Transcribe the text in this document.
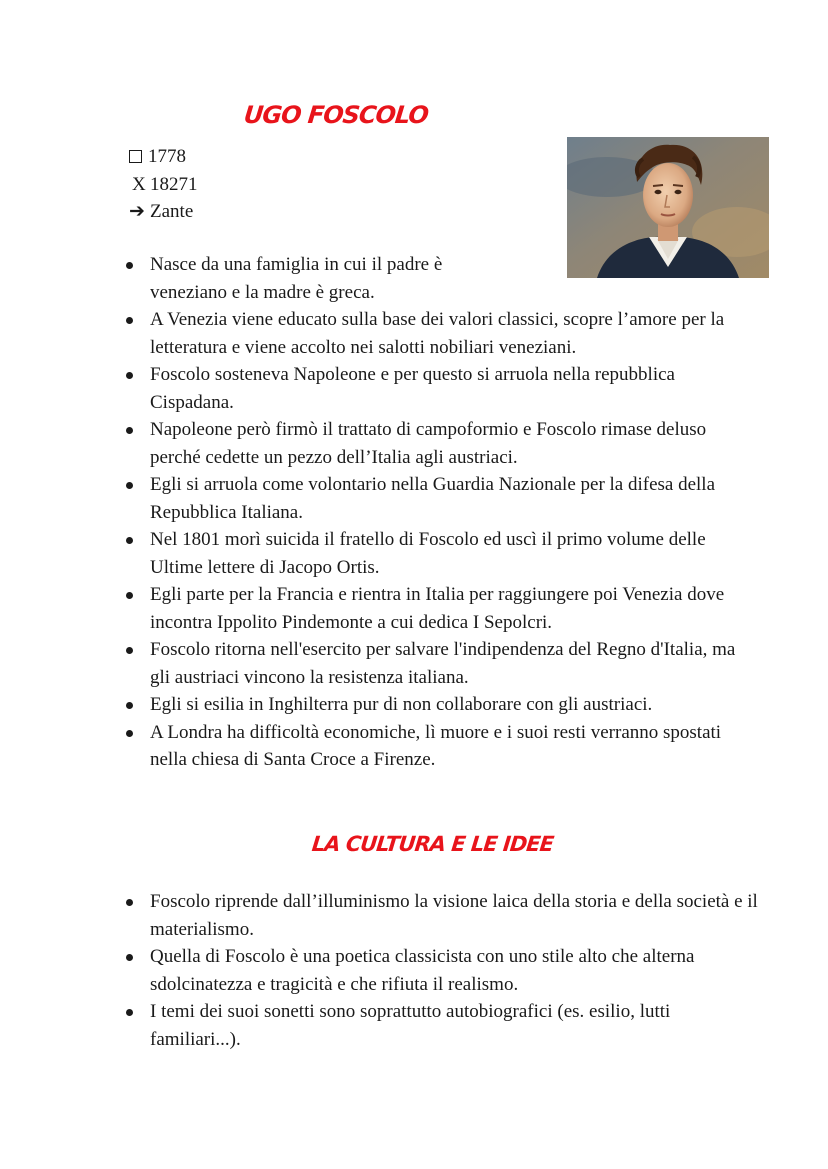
UGO FOSCOLO
1778
X 18271
➔ Zante
Nasce da una famiglia in cui il padre è veneziano e la madre è greca.
A Venezia viene educato sulla base dei valori classici, scopre l’amore per la letteratura e viene accolto nei salotti nobiliari veneziani.
Foscolo sosteneva Napoleone e per questo si arruola nella repubblica Cispadana.
Napoleone però firmò il trattato di campoformio e Foscolo rimase deluso perché cedette un pezzo dell’Italia agli austriaci.
Egli si arruola come volontario nella Guardia Nazionale per la difesa della Repubblica Italiana.
Nel 1801 morì suicida il fratello di Foscolo ed uscì il primo volume delle Ultime lettere di Jacopo Ortis.
Egli parte per la Francia e rientra in Italia per raggiungere poi Venezia dove incontra Ippolito Pindemonte a cui dedica I Sepolcri.
Foscolo ritorna nell'esercito per salvare l'indipendenza del Regno d'Italia, ma gli austriaci vincono la resistenza italiana.
Egli si esilia in Inghilterra pur di non collaborare con gli austriaci.
A Londra ha difficoltà economiche, lì muore e i suoi resti verranno spostati nella chiesa di Santa Croce a Firenze.
LA CULTURA E LE IDEE
Foscolo riprende dall’illuminismo la visione laica della storia e della società e il materialismo.
Quella di Foscolo è una poetica classicista con uno stile alto che alterna sdolcinatezza e tragicità e che rifiuta il realismo.
I temi dei suoi sonetti sono soprattutto autobiografici (es. esilio, lutti familiari...).
